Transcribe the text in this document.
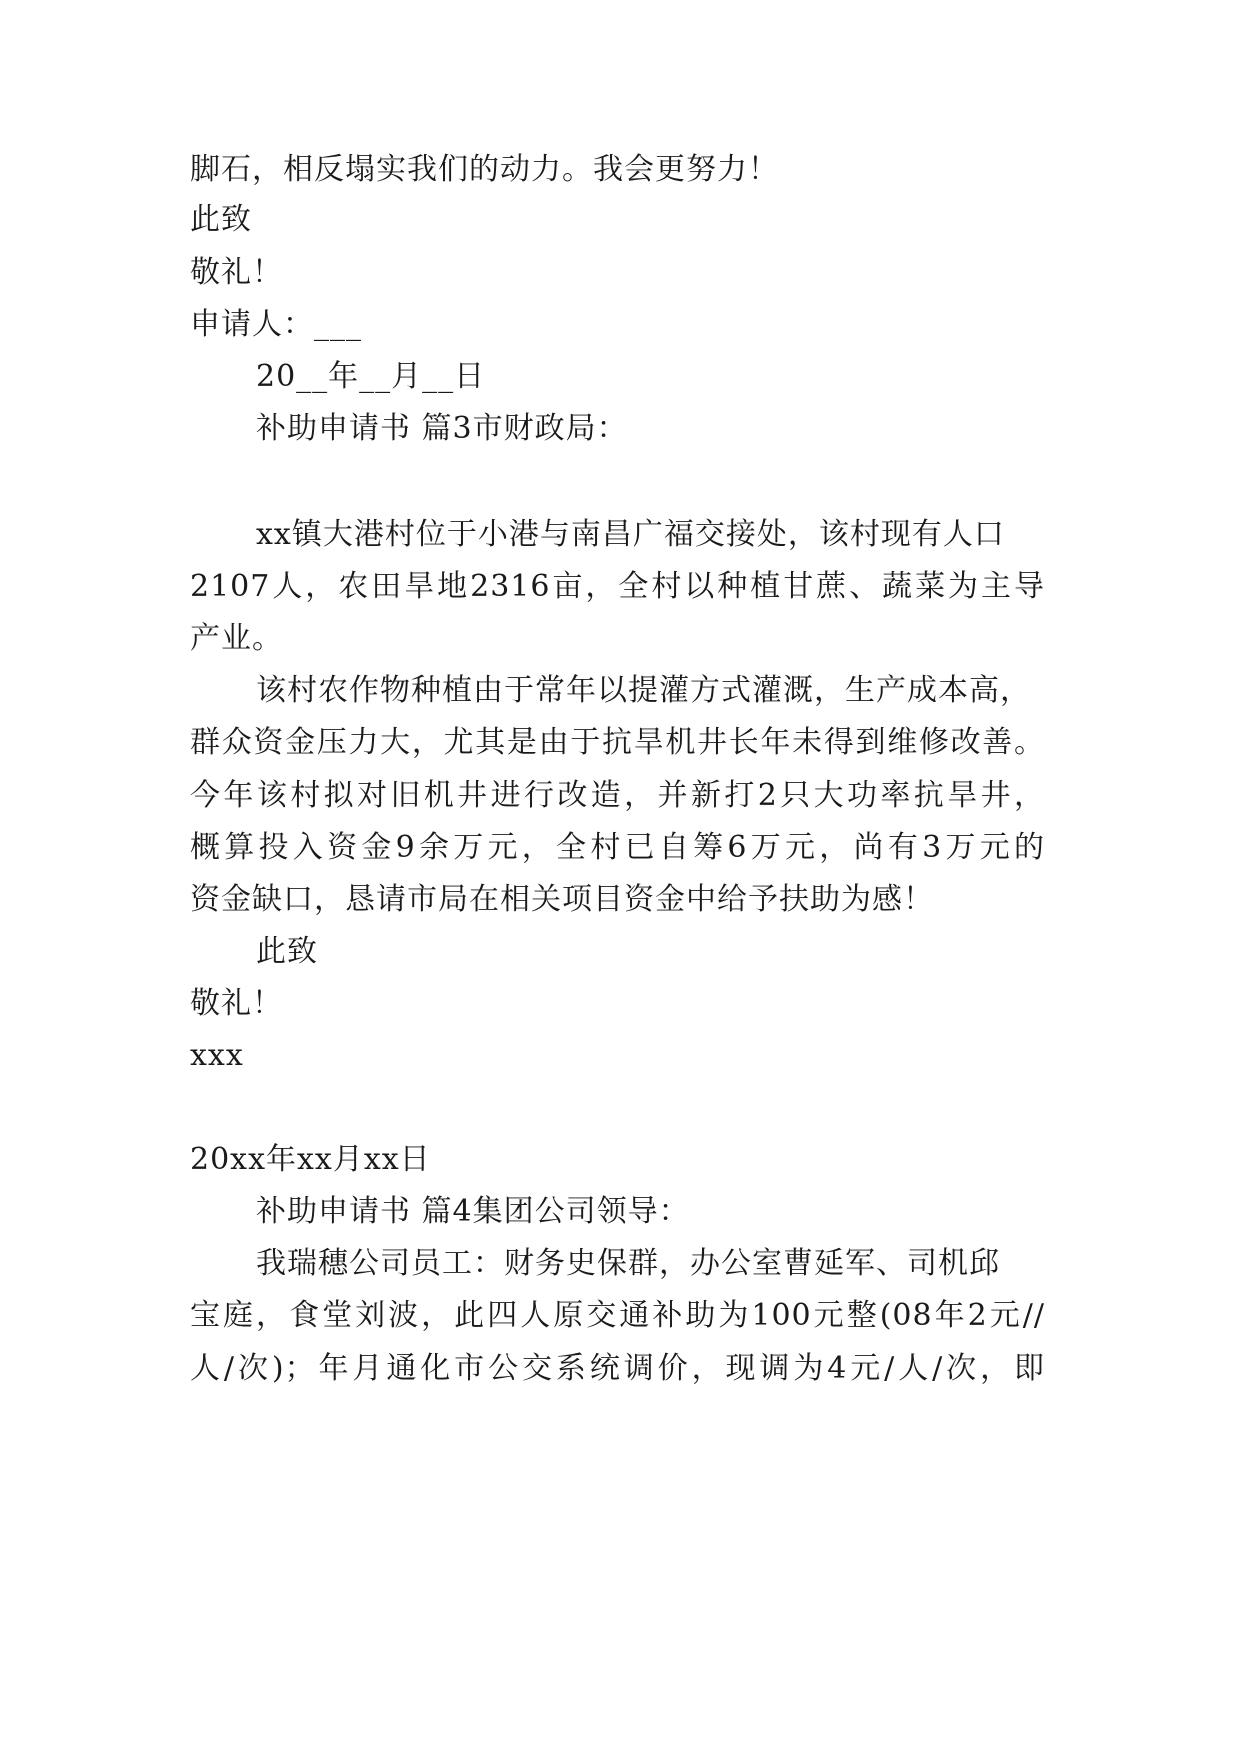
脚石，相反塌实我们的动力。我会更努力！
此致
敬礼！
申请人：___
20__年__月__日
补助申请书 篇3市财政局：
xx镇大港村位于小港与南昌广福交接处，该村现有人口
2107人，农田旱地2316亩，全村以种植甘蔗、蔬菜为主导
产业。
该村农作物种植由于常年以提灌方式灌溉，生产成本高，
群众资金压力大，尤其是由于抗旱机井长年未得到维修改善。
今年该村拟对旧机井进行改造，并新打2只大功率抗旱井，
概算投入资金9余万元，全村已自筹6万元，尚有3万元的
资金缺口，恳请市局在相关项目资金中给予扶助为感！
此致
敬礼！
xxx
20xx年xx月xx日
补助申请书 篇4集团公司领导：
我瑞穗公司员工：财务史保群，办公室曹延军、司机邱
宝庭，食堂刘波，此四人原交通补助为100元整(08年2元//
人/次)；年月通化市公交系统调价，现调为4元/人/次，即
